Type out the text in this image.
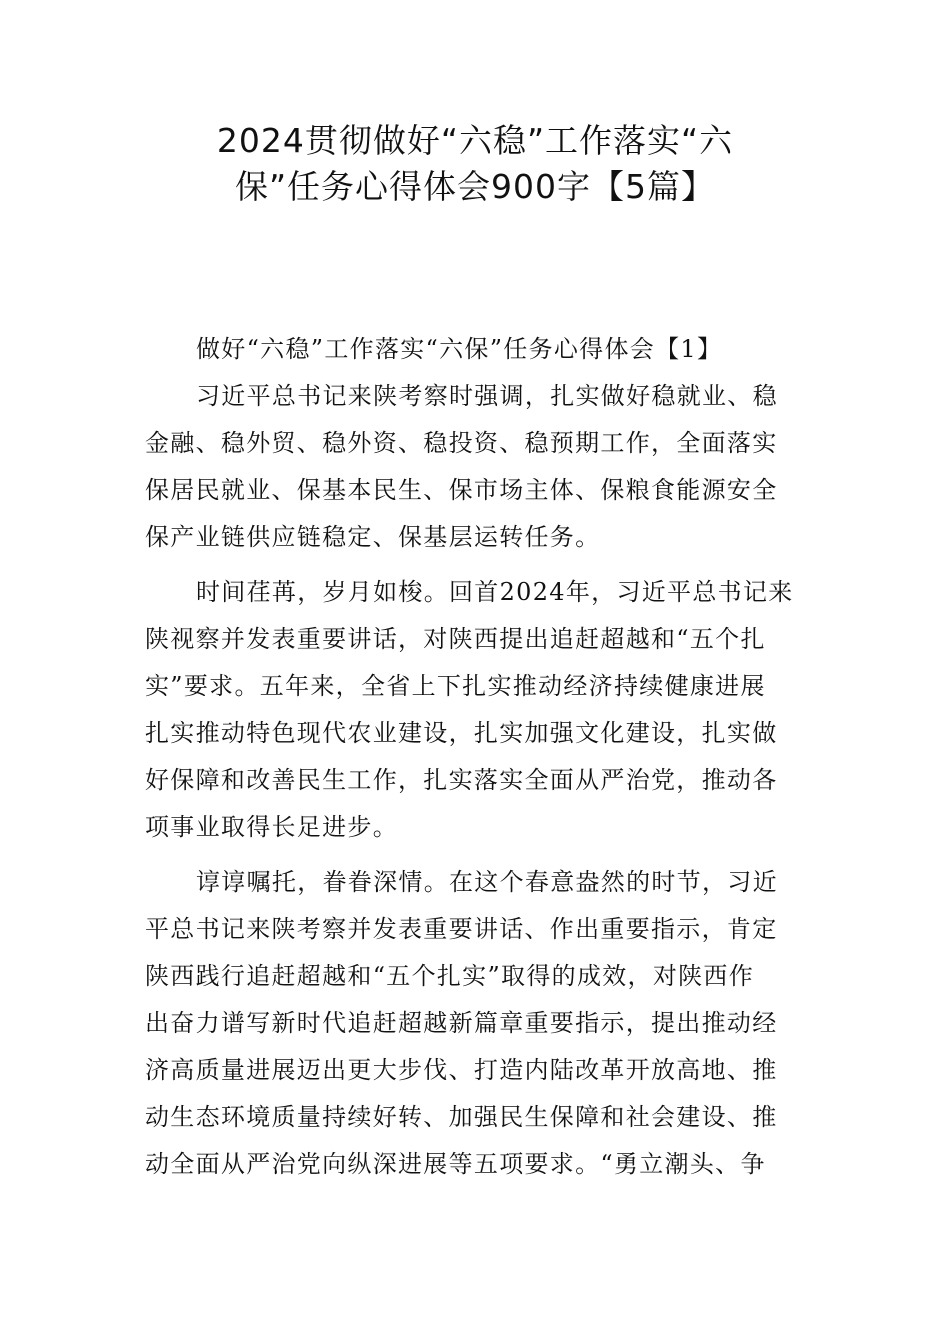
2024贯彻做好“六稳”工作落实“六
保”任务心得体会900字【5篇】
做好“六稳”工作落实“六保”任务心得体会【1】
习近平总书记来陕考察时强调，扎实做好稳就业、稳
金融、稳外贸、稳外资、稳投资、稳预期工作，全面落实
保居民就业、保基本民生、保市场主体、保粮食能源安全
保产业链供应链稳定、保基层运转任务。
时间荏苒，岁月如梭。回首2024年，习近平总书记来
陕视察并发表重要讲话，对陕西提出追赶超越和“五个扎
实”要求。五年来，全省上下扎实推动经济持续健康进展
扎实推动特色现代农业建设，扎实加强文化建设，扎实做
好保障和改善民生工作，扎实落实全面从严治党，推动各
项事业取得长足进步。
谆谆嘱托，眷眷深情。在这个春意盎然的时节，习近
平总书记来陕考察并发表重要讲话、作出重要指示，肯定
陕西践行追赶超越和“五个扎实”取得的成效，对陕西作
出奋力谱写新时代追赶超越新篇章重要指示，提出推动经
济高质量进展迈出更大步伐、打造内陆改革开放高地、推
动生态环境质量持续好转、加强民生保障和社会建设、推
动全面从严治党向纵深进展等五项要求。“勇立潮头、争
